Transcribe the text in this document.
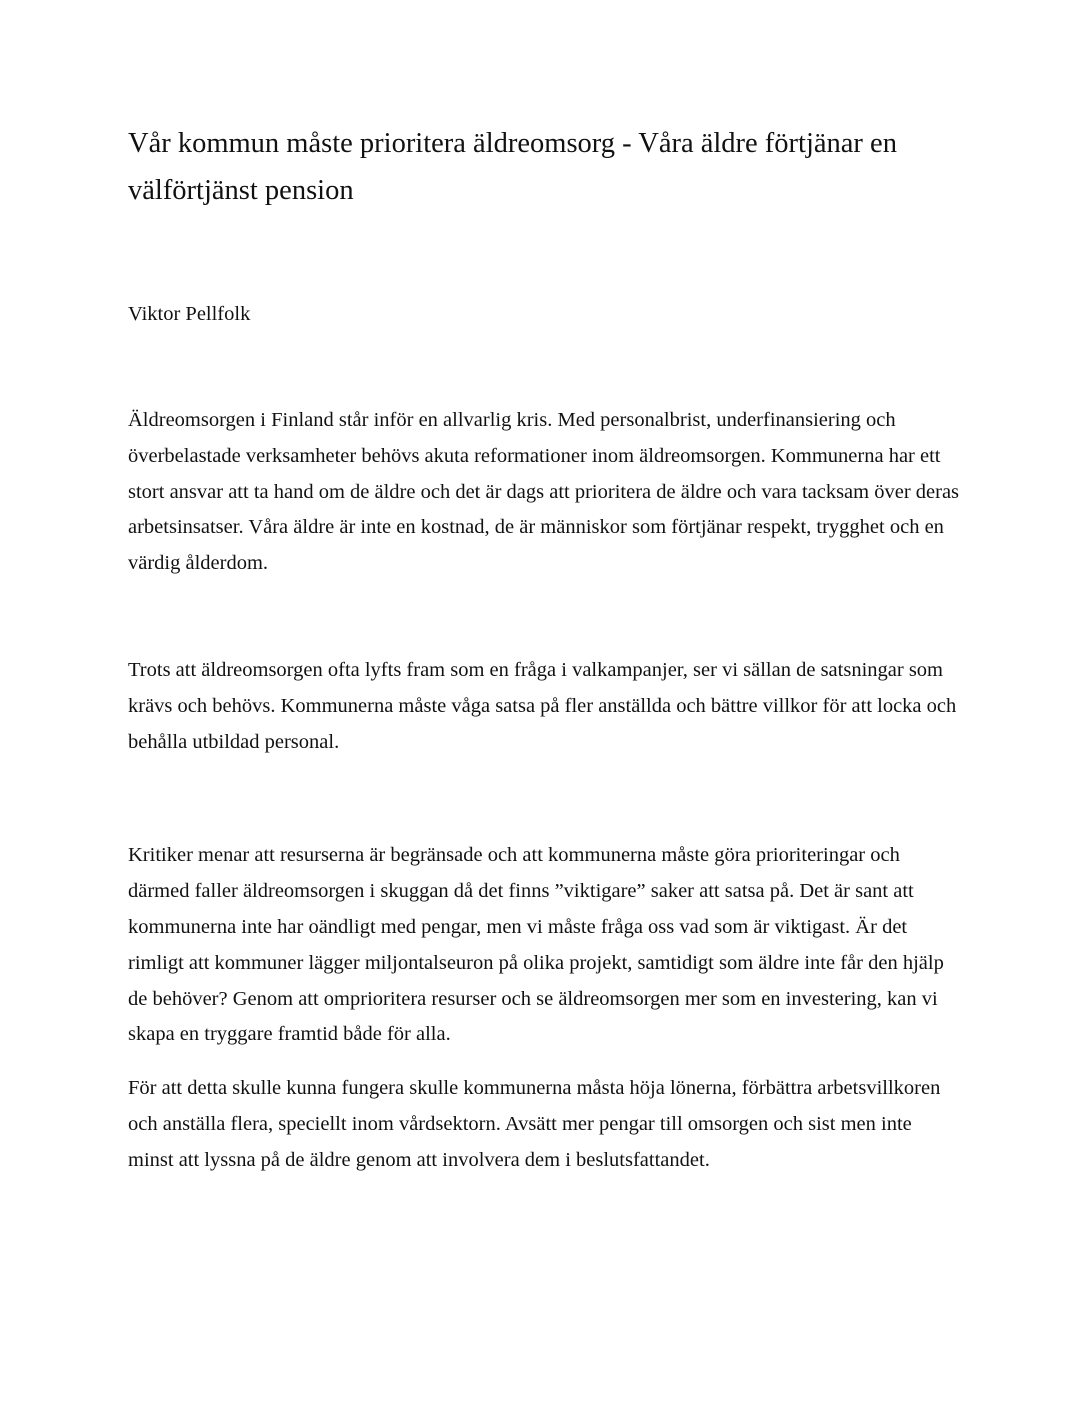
Vår kommun måste prioritera äldreomsorg - Våra äldre förtjänar en välförtjänst pension

Viktor Pellfolk

Äldreomsorgen i Finland står inför en allvarlig kris. Med personalbrist, underfinansiering och överbelastade verksamheter behövs akuta reformationer inom äldreomsorgen. Kommunerna har ett stort ansvar att ta hand om de äldre och det är dags att prioritera de äldre och vara tacksam över deras arbetsinsatser. Våra äldre är inte en kostnad, de är människor som förtjänar respekt, trygghet och en värdig ålderdom.

Trots att äldreomsorgen ofta lyfts fram som en fråga i valkampanjer, ser vi sällan de satsningar som krävs och behövs. Kommunerna måste våga satsa på fler anställda och bättre villkor för att locka och behålla utbildad personal.

Kritiker menar att resurserna är begränsade och att kommunerna måste göra prioriteringar och därmed faller äldreomsorgen i skuggan då det finns ”viktigare” saker att satsa på. Det är sant att kommunerna inte har oändligt med pengar, men vi måste fråga oss vad som är viktigast. Är det rimligt att kommuner lägger miljontalseuron på olika projekt, samtidigt som äldre inte får den hjälp de behöver? Genom att omprioritera resurser och se äldreomsorgen mer som en investering, kan vi skapa en tryggare framtid både för alla.

För att detta skulle kunna fungera skulle kommunerna måsta höja lönerna, förbättra arbetsvillkoren och anställa flera, speciellt inom vårdsektorn. Avsätt mer pengar till omsorgen och sist men inte minst att lyssna på de äldre genom att involvera dem i beslutsfattandet.
